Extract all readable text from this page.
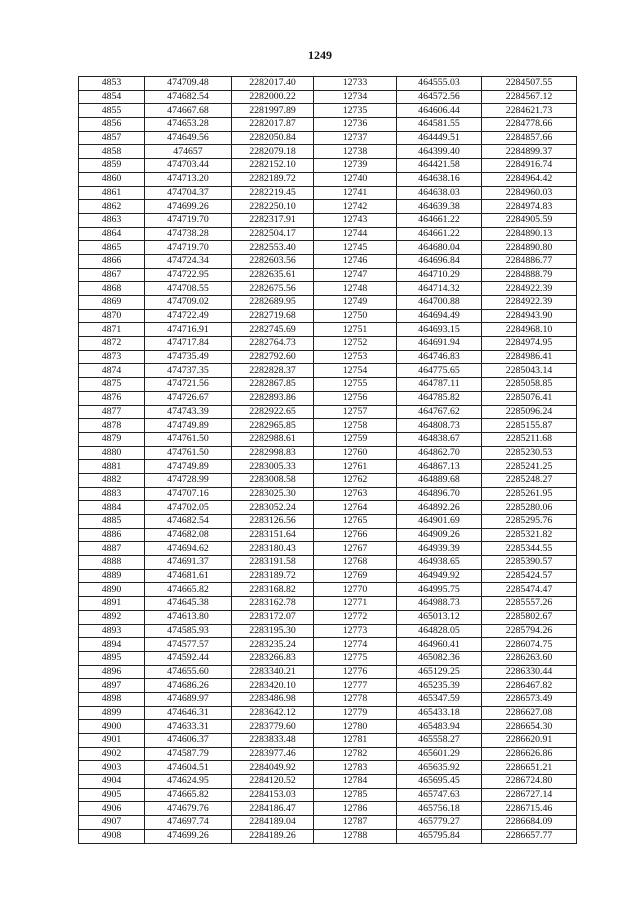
1249
4853	474709.48	2282017.40	12733	464555.03	2284507.55
4854	474682.54	2282000.22	12734	464572.56	2284567.12
4855	474667.68	2281997.89	12735	464606.44	2284621.73
4856	474653.28	2282017.87	12736	464581.55	2284778.66
4857	474649.56	2282050.84	12737	464449.51	2284857.66
4858	474657	2282079.18	12738	464399.40	2284899.37
4859	474703.44	2282152.10	12739	464421.58	2284916.74
4860	474713.20	2282189.72	12740	464638.16	2284964.42
4861	474704.37	2282219.45	12741	464638.03	2284960.03
4862	474699.26	2282250.10	12742	464639.38	2284974.83
4863	474719.70	2282317.91	12743	464661.22	2284905.59
4864	474738.28	2282504.17	12744	464661.22	2284890.13
4865	474719.70	2282553.40	12745	464680.04	2284890.80
4866	474724.34	2282603.56	12746	464696.84	2284886.77
4867	474722.95	2282635.61	12747	464710.29	2284888.79
4868	474708.55	2282675.56	12748	464714.32	2284922.39
4869	474709.02	2282689.95	12749	464700.88	2284922.39
4870	474722.49	2282719.68	12750	464694.49	2284943.90
4871	474716.91	2282745.69	12751	464693.15	2284968.10
4872	474717.84	2282764.73	12752	464691.94	2284974.95
4873	474735.49	2282792.60	12753	464746.83	2284986.41
4874	474737.35	2282828.37	12754	464775.65	2285043.14
4875	474721.56	2282867.85	12755	464787.11	2285058.85
4876	474726.67	2282893.86	12756	464785.82	2285076.41
4877	474743.39	2282922.65	12757	464767.62	2285096.24
4878	474749.89	2282965.85	12758	464808.73	2285155.87
4879	474761.50	2282988.61	12759	464838.67	2285211.68
4880	474761.50	2282998.83	12760	464862.70	2285230.53
4881	474749.89	2283005.33	12761	464867.13	2285241.25
4882	474728.99	2283008.58	12762	464889.68	2285248.27
4883	474707.16	2283025.30	12763	464896.70	2285261.95
4884	474702.05	2283052.24	12764	464892.26	2285280.06
4885	474682.54	2283126.56	12765	464901.69	2285295.76
4886	474682.08	2283151.64	12766	464909.26	2285321.82
4887	474694.62	2283180.43	12767	464939.39	2285344.55
4888	474691.37	2283191.58	12768	464938.65	2285390.57
4889	474681.61	2283189.72	12769	464949.92	2285424.57
4890	474665.82	2283168.82	12770	464995.75	2285474.47
4891	474645.38	2283162.78	12771	464988.73	2285557.26
4892	474613.80	2283172.07	12772	465013.12	2285802.67
4893	474585.93	2283195.30	12773	464828.05	2285794.26
4894	474577.57	2283235.24	12774	464960.41	2286074.75
4895	474592.44	2283266.83	12775	465082.36	2286263.60
4896	474655.60	2283340.21	12776	465129.25	2286330.44
4897	474686.26	2283420.10	12777	465235.39	2286467.82
4898	474689.97	2283486.98	12778	465347.59	2286573.49
4899	474646.31	2283642.12	12779	465433.18	2286627.08
4900	474633.31	2283779.60	12780	465483.94	2286654.30
4901	474606.37	2283833.48	12781	465558.27	2286620.91
4902	474587.79	2283977.46	12782	465601.29	2286626.86
4903	474604.51	2284049.92	12783	465635.92	2286651.21
4904	474624.95	2284120.52	12784	465695.45	2286724.80
4905	474665.82	2284153.03	12785	465747.63	2286727.14
4906	474679.76	2284186.47	12786	465756.18	2286715.46
4907	474697.74	2284189.04	12787	465779.27	2286684.09
4908	474699.26	2284189.26	12788	465795.84	2286657.77
